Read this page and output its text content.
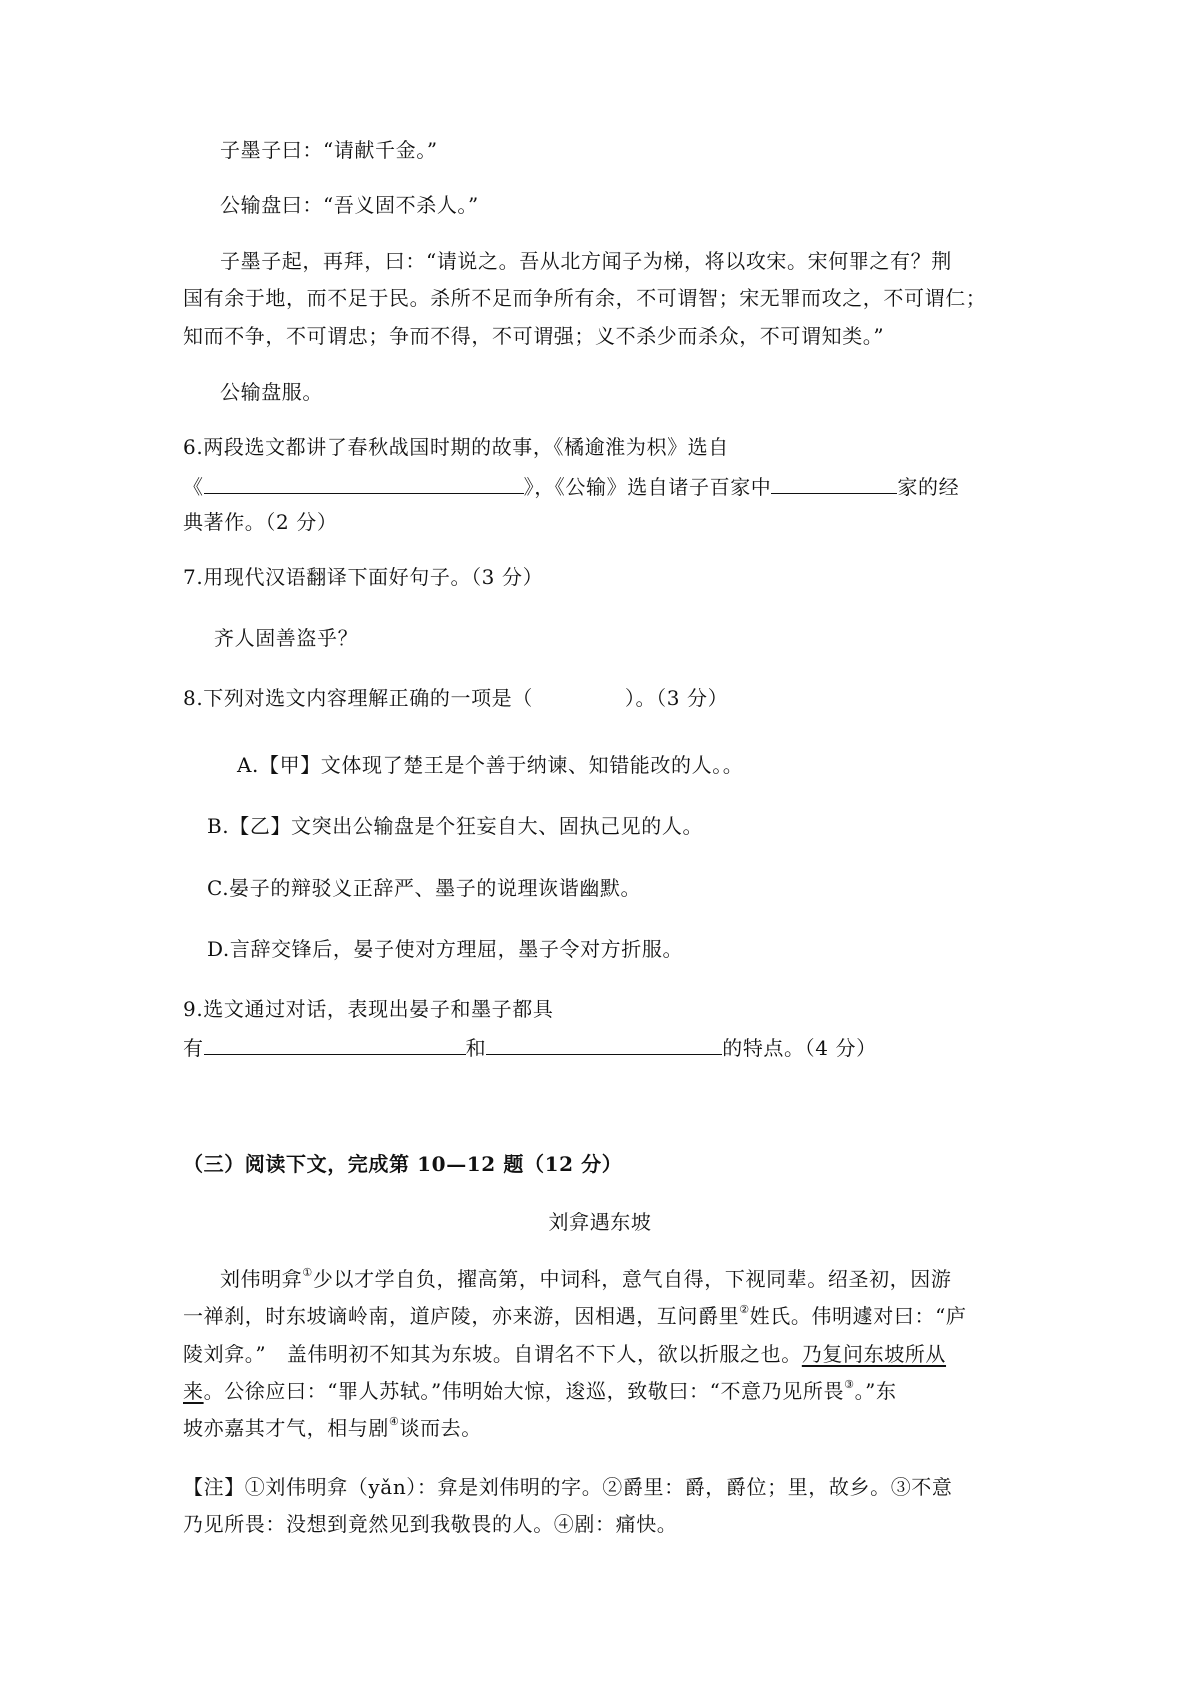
子墨子曰：“请献千金。”
公输盘曰：“吾义固不杀人。”
子墨子起，再拜，曰：“请说之。吾从北方闻子为梯，将以攻宋。宋何罪之有？荆
国有余于地，而不足于民。杀所不足而争所有余，不可谓智；宋无罪而攻之，不可谓仁；
知而不争，不可谓忠；争而不得，不可谓强；义不杀少而杀众，不可谓知类。”
公输盘服。
6.两段选文都讲了春秋战国时期的故事，《橘逾淮为枳》选自
《	》，《公输》选自诸子百家中	家的经
典著作。（2 分）
7.用现代汉语翻译下面好句子。（3 分）
齐人固善盗乎？
8.下列对选文内容理解正确的一项是（	）。（3 分）
A.【甲】文体现了楚王是个善于纳谏、知错能改的人。。
B.【乙】文突出公输盘是个狂妄自大、固执己见的人。
C.晏子的辩驳义正辞严、墨子的说理诙谐幽默。
D.言辞交锋后，晏子使对方理屈，墨子令对方折服。
9.选文通过对话，表现出晏子和墨子都具
有	和	的特点。（4 分）
（三）阅读下文，完成第 10—12 题（12 分）
刘弇遇东坡
刘伟明弇①少以才学自负，擢高第，中词科，意气自得，下视同辈。绍圣初，因游
一禅刹，时东坡谪岭南，道庐陵，亦来游，因相遇，互问爵里②姓氏。伟明遽对曰：“庐
陵刘弇。”　盖伟明初不知其为东坡。自谓名不下人，欲以折服之也。乃复问东坡所从
来。公徐应曰：“罪人苏轼。”伟明始大惊，逡巡，致敬曰：“不意乃见所畏③。”东
坡亦嘉其才气，相与剧④谈而去。
【注】①刘伟明弇（yǎn）：弇是刘伟明的字。②爵里：爵，爵位；里，故乡。③不意
乃见所畏：没想到竟然见到我敬畏的人。④剧：痛快。
